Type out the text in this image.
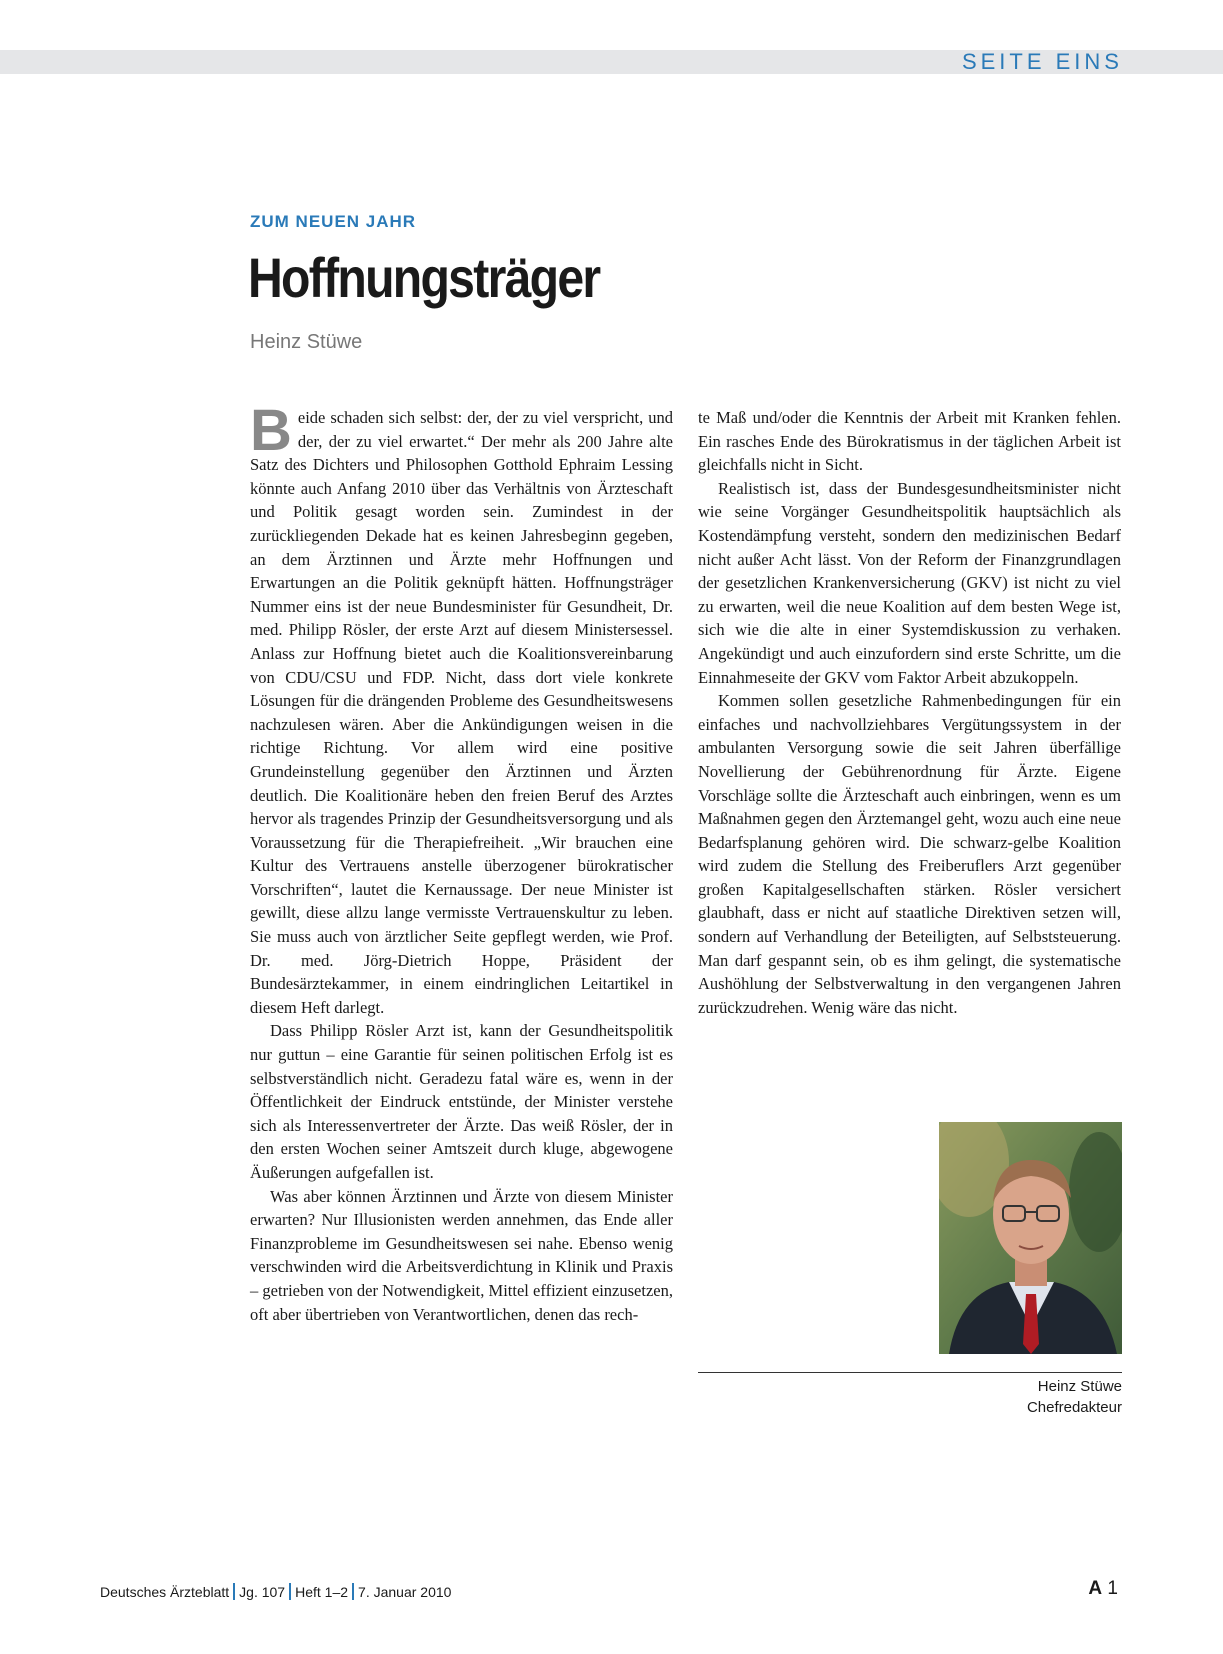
SEITE EINS
ZUM NEUEN JAHR
Hoffnungsträger
Heinz Stüwe

Beide schaden sich selbst: der, der zu viel verspricht, und der, der zu viel erwartet.“ Der mehr als 200 Jahre alte Satz des Dichters und Philosophen Gotthold Ephraim Lessing könnte auch Anfang 2010 über das Verhältnis von Ärzteschaft und Politik gesagt worden sein. Zumindest in der zurückliegenden Dekade hat es keinen Jahresbeginn gegeben, an dem Ärztinnen und Ärzte mehr Hoffnungen und Erwartungen an die Politik geknüpft hätten. Hoffnungsträger Nummer eins ist der neue Bundesminister für Gesundheit, Dr. med. Philipp Rösler, der erste Arzt auf diesem Ministersessel. Anlass zur Hoffnung bietet auch die Koalitionsvereinbarung von CDU/CSU und FDP. Nicht, dass dort viele konkrete Lösungen für die drängenden Probleme des Gesundheitswesens nachzulesen wären. Aber die Ankündigungen weisen in die richtige Richtung. Vor allem wird eine positive Grundeinstellung gegenüber den Ärztinnen und Ärzten deutlich. Die Koalitionäre heben den freien Beruf des Arztes hervor als tragendes Prinzip der Gesundheitsversorgung und als Voraussetzung für die Therapiefreiheit. „Wir brauchen eine Kultur des Vertrauens anstelle überzogener bürokratischer Vorschriften“, lautet die Kernaussage. Der neue Minister ist gewillt, diese allzu lange vermisste Vertrauenskultur zu leben. Sie muss auch von ärztlicher Seite gepflegt werden, wie Prof. Dr. med. Jörg-Dietrich Hoppe, Präsident der Bundesärztekammer, in einem eindringlichen Leitartikel in diesem Heft darlegt.

Dass Philipp Rösler Arzt ist, kann der Gesundheitspolitik nur guttun – eine Garantie für seinen politischen Erfolg ist es selbstverständlich nicht. Geradezu fatal wäre es, wenn in der Öffentlichkeit der Eindruck entstünde, der Minister verstehe sich als Interessenvertreter der Ärzte. Das weiß Rösler, der in den ersten Wochen seiner Amtszeit durch kluge, abgewogene Äußerungen aufgefallen ist.

Was aber können Ärztinnen und Ärzte von diesem Minister erwarten? Nur Illusionisten werden annehmen, das Ende aller Finanzprobleme im Gesundheitswesen sei nahe. Ebenso wenig verschwinden wird die Arbeitsverdichtung in Klinik und Praxis – getrieben von der Notwendigkeit, Mittel effizient einzusetzen, oft aber übertrieben von Verantwortlichen, denen das rech-

te Maß und/oder die Kenntnis der Arbeit mit Kranken fehlen. Ein rasches Ende des Bürokratismus in der täglichen Arbeit ist gleichfalls nicht in Sicht.

Realistisch ist, dass der Bundesgesundheitsminister nicht wie seine Vorgänger Gesundheitspolitik hauptsächlich als Kostendämpfung versteht, sondern den medizinischen Bedarf nicht außer Acht lässt. Von der Reform der Finanzgrundlagen der gesetzlichen Krankenversicherung (GKV) ist nicht zu viel zu erwarten, weil die neue Koalition auf dem besten Wege ist, sich wie die alte in einer Systemdiskussion zu verhaken. Angekündigt und auch einzufordern sind erste Schritte, um die Einnahmeseite der GKV vom Faktor Arbeit abzukoppeln.

Kommen sollen gesetzliche Rahmenbedingungen für ein einfaches und nachvollziehbares Vergütungssystem in der ambulanten Versorgung sowie die seit Jahren überfällige Novellierung der Gebührenordnung für Ärzte. Eigene Vorschläge sollte die Ärzteschaft auch einbringen, wenn es um Maßnahmen gegen den Ärztemangel geht, wozu auch eine neue Bedarfsplanung gehören wird. Die schwarz-gelbe Koalition wird zudem die Stellung des Freiberuflers Arzt gegenüber großen Kapitalgesellschaften stärken. Rösler versichert glaubhaft, dass er nicht auf staatliche Direktiven setzen will, sondern auf Verhandlung der Beteiligten, auf Selbststeuerung. Man darf gespannt sein, ob es ihm gelingt, die systematische Aushöhlung der Selbstverwaltung in den vergangenen Jahren zurückzudrehen. Wenig wäre das nicht.

Heinz Stüwe
Chefredakteur
Deutsches Ärzteblatt Jg. 107 Heft 1–2 7. Januar 2010	A 1
